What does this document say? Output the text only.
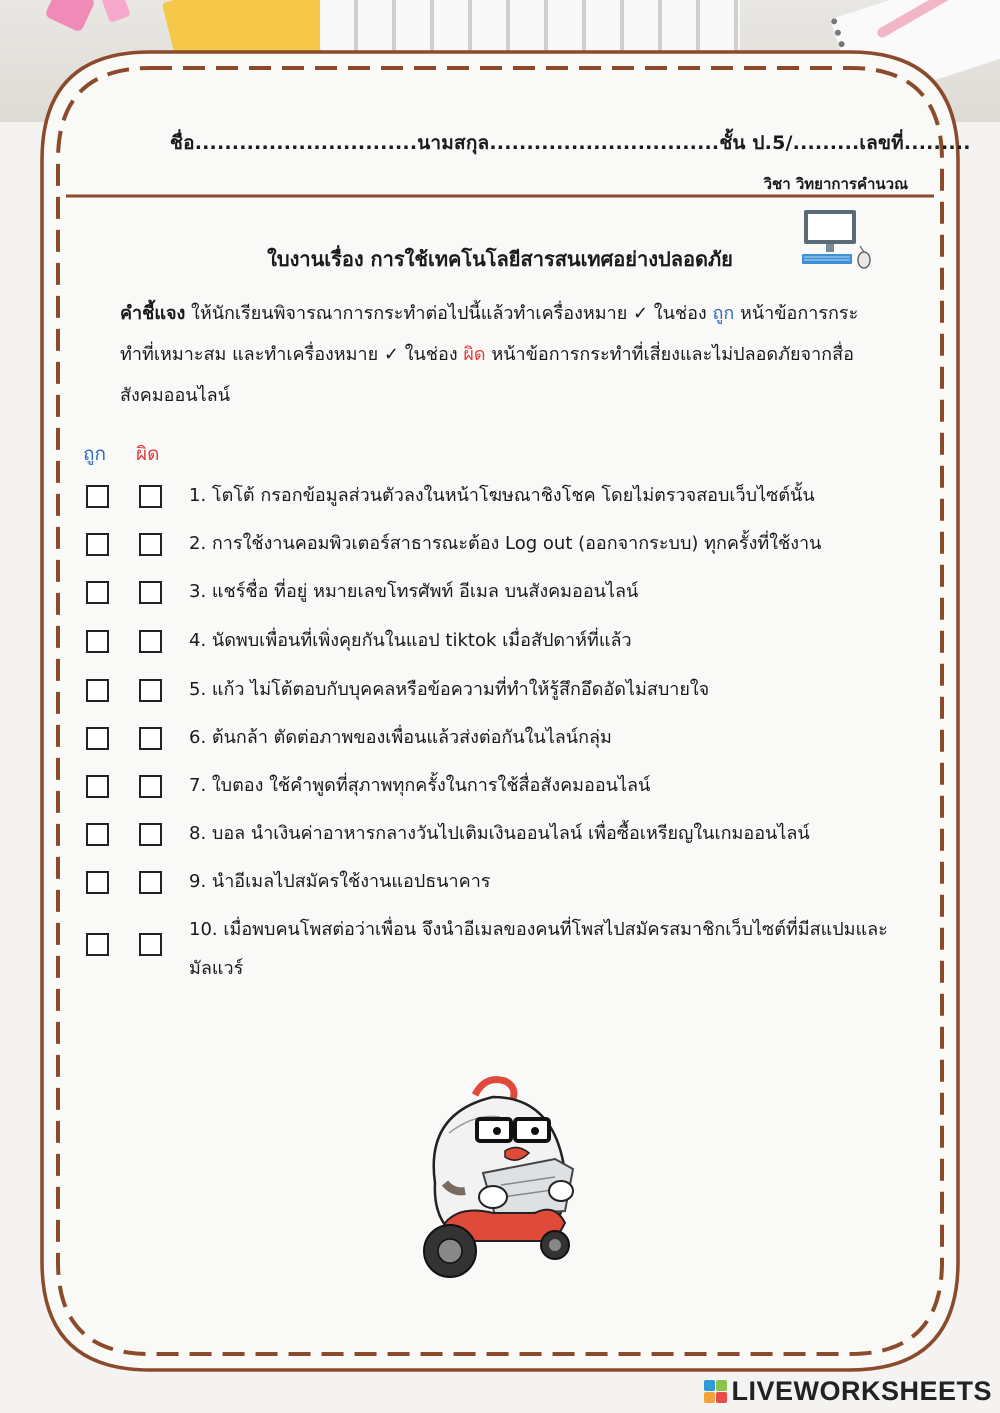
ชื่อ..............................นามสกุล...............................ชั้น ป.5/.........เลขที่.........
วิชา วิทยาการคำนวณ
ใบงานเรื่อง การใช้เทคโนโลยีสารสนเทศอย่างปลอดภัย
คำชี้แจง ให้นักเรียนพิจารณาการกระทำต่อไปนี้แล้วทำเครื่องหมาย ✓ ในช่อง ถูก หน้าข้อการกระทำที่เหมาะสม และทำเครื่องหมาย ✓ ในช่อง ผิด หน้าข้อการกระทำที่เสี่ยงและไม่ปลอดภัยจากสื่อสังคมออนไลน์
ถูก ผิด
1. โตโต้ กรอกข้อมูลส่วนตัวลงในหน้าโฆษณาชิงโชค โดยไม่ตรวจสอบเว็บไซต์นั้น
2. การใช้งานคอมพิวเตอร์สาธารณะต้อง Log out (ออกจากระบบ) ทุกครั้งที่ใช้งาน
3. แชร์ชื่อ ที่อยู่ หมายเลขโทรศัพท์ อีเมล บนสังคมออนไลน์
4. นัดพบเพื่อนที่เพิ่งคุยกันในแอป tiktok เมื่อสัปดาห์ที่แล้ว
5. แก้ว ไม่โต้ตอบกับบุคคลหรือข้อความที่ทำให้รู้สึกอึดอัดไม่สบายใจ
6. ต้นกล้า ตัดต่อภาพของเพื่อนแล้วส่งต่อกันในไลน์กลุ่ม
7. ใบตอง ใช้คำพูดที่สุภาพทุกครั้งในการใช้สื่อสังคมออนไลน์
8. บอล นำเงินค่าอาหารกลางวันไปเติมเงินออนไลน์ เพื่อซื้อเหรียญในเกมออนไลน์
9. นำอีเมลไปสมัครใช้งานแอปธนาคาร
10. เมื่อพบคนโพสต่อว่าเพื่อน จึงนำอีเมลของคนที่โพสไปสมัครสมาชิกเว็บไซต์ที่มีสแปมและมัลแวร์
LIVEWORKSHEETS
